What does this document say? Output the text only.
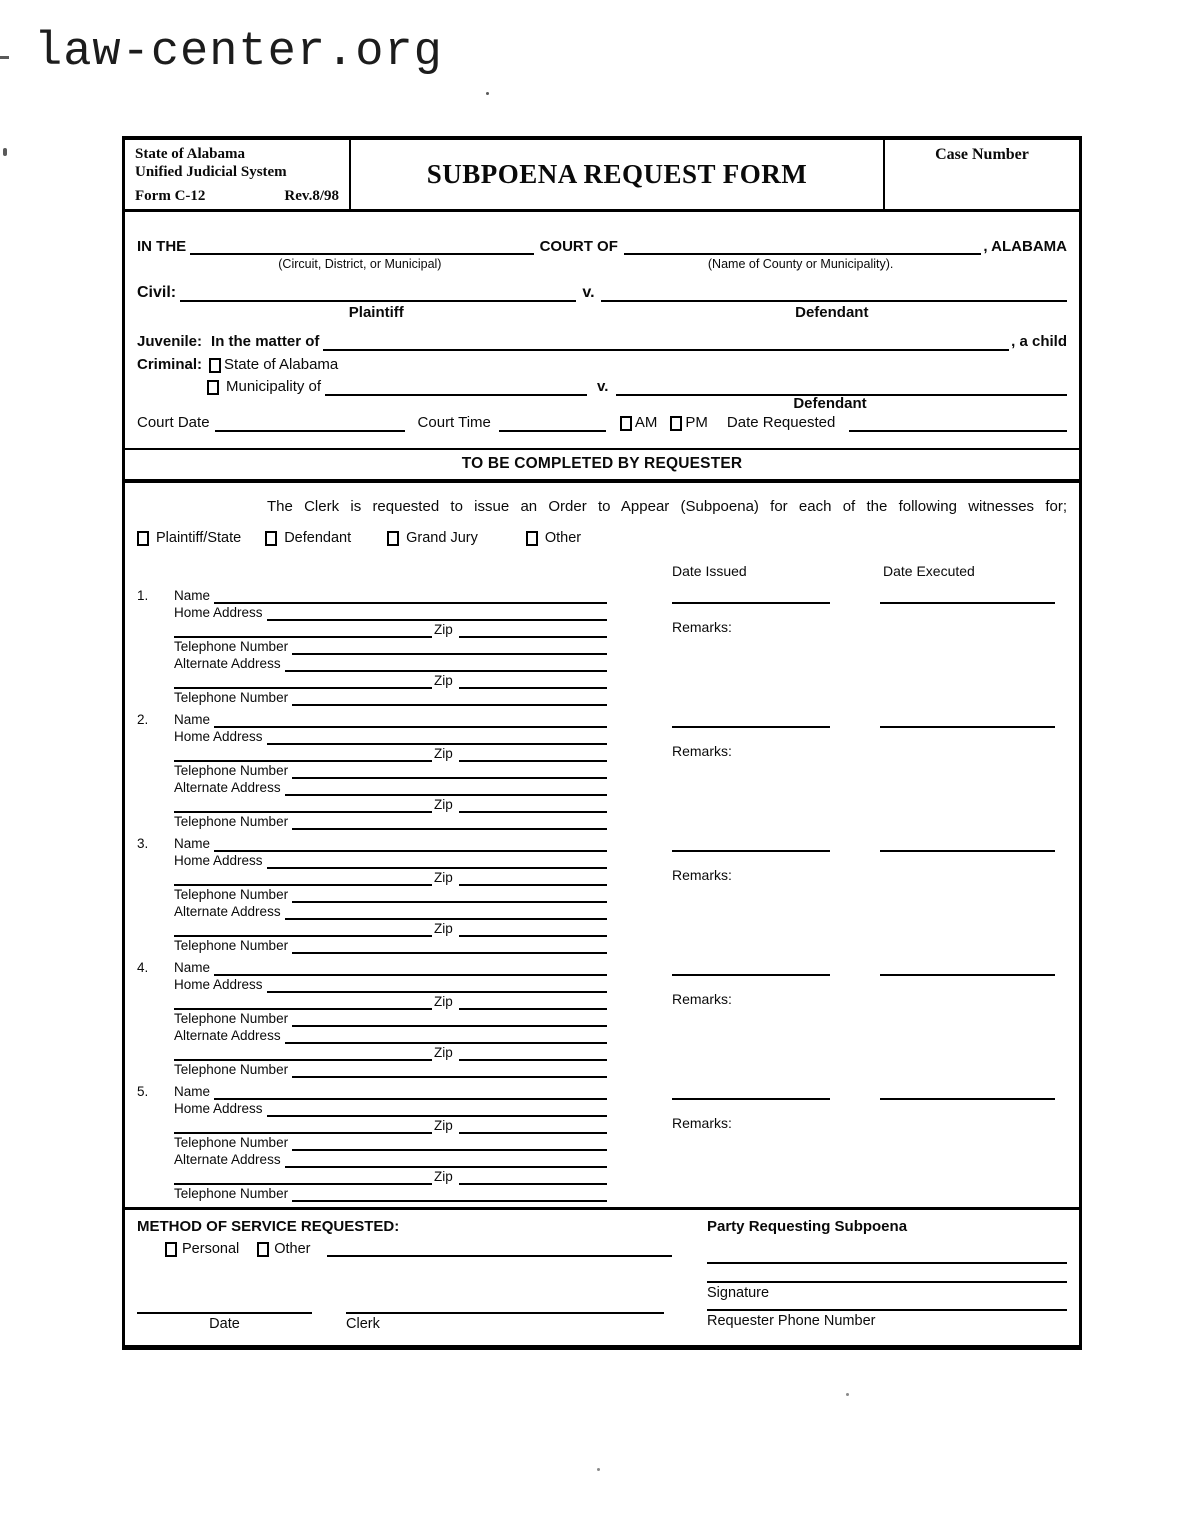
law-center.org
State of Alabama
Unified Judicial System
Form C-12	Rev.8/98
SUBPOENA REQUEST FORM
Case Number
IN THE	COURT OF	, ALABAMA
(Circuit, District, or Municipal)	(Name of County or Municipality).
Civil:	v.
Plaintiff	Defendant
Juvenile: In the matter of	, a child
Criminal: State of Alabama
Municipality of	v.
Defendant
Court Date	Court Time	AM PM Date Requested
TO BE COMPLETED BY REQUESTER
The Clerk is requested to issue an Order to Appear (Subpoena) for each of the following witnesses for;
Plaintiff/State	Defendant	Grand Jury	Other
Date Issued	Date Executed
1.	Name
Home Address
Zip
Telephone Number
Alternate Address
Zip
Telephone Number
Remarks:
2.	Name
Home Address
Zip
Telephone Number
Alternate Address
Zip
Telephone Number
Remarks:
3.	Name
Home Address
Zip
Telephone Number
Alternate Address
Zip
Telephone Number
Remarks:
4.	Name
Home Address
Zip
Telephone Number
Alternate Address
Zip
Telephone Number
Remarks:
5.	Name
Home Address
Zip
Telephone Number
Alternate Address
Zip
Telephone Number
Remarks:
METHOD OF SERVICE REQUESTED:
Personal Other
Date	Clerk
Party Requesting Subpoena
Signature
Requester Phone Number
